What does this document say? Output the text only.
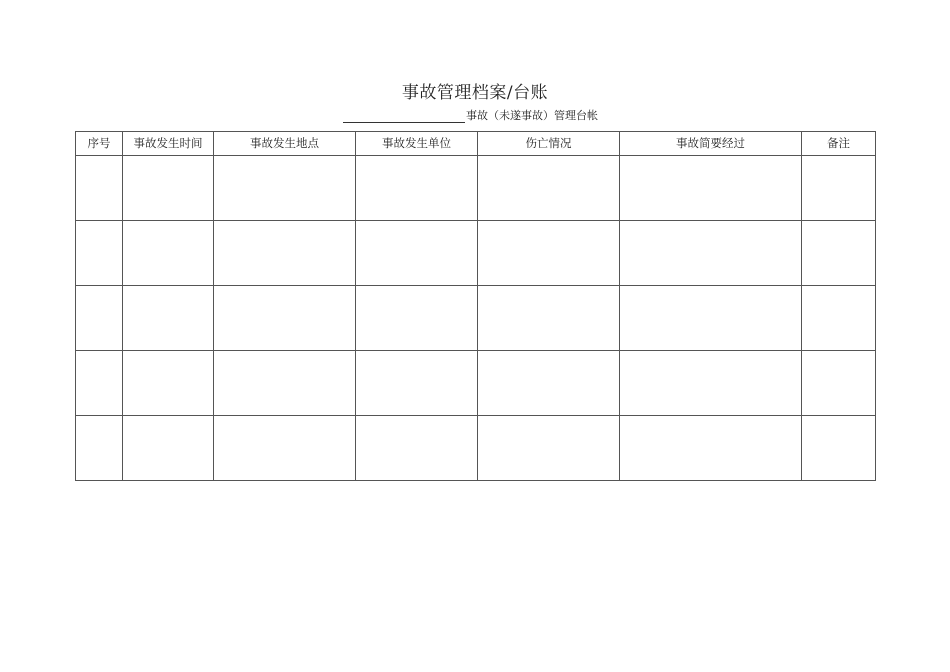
事故管理档案/台账
事故（未遂事故）管理台帐
序号	事故发生时间	事故发生地点	事故发生单位	伤亡情况	事故简要经过	备注
